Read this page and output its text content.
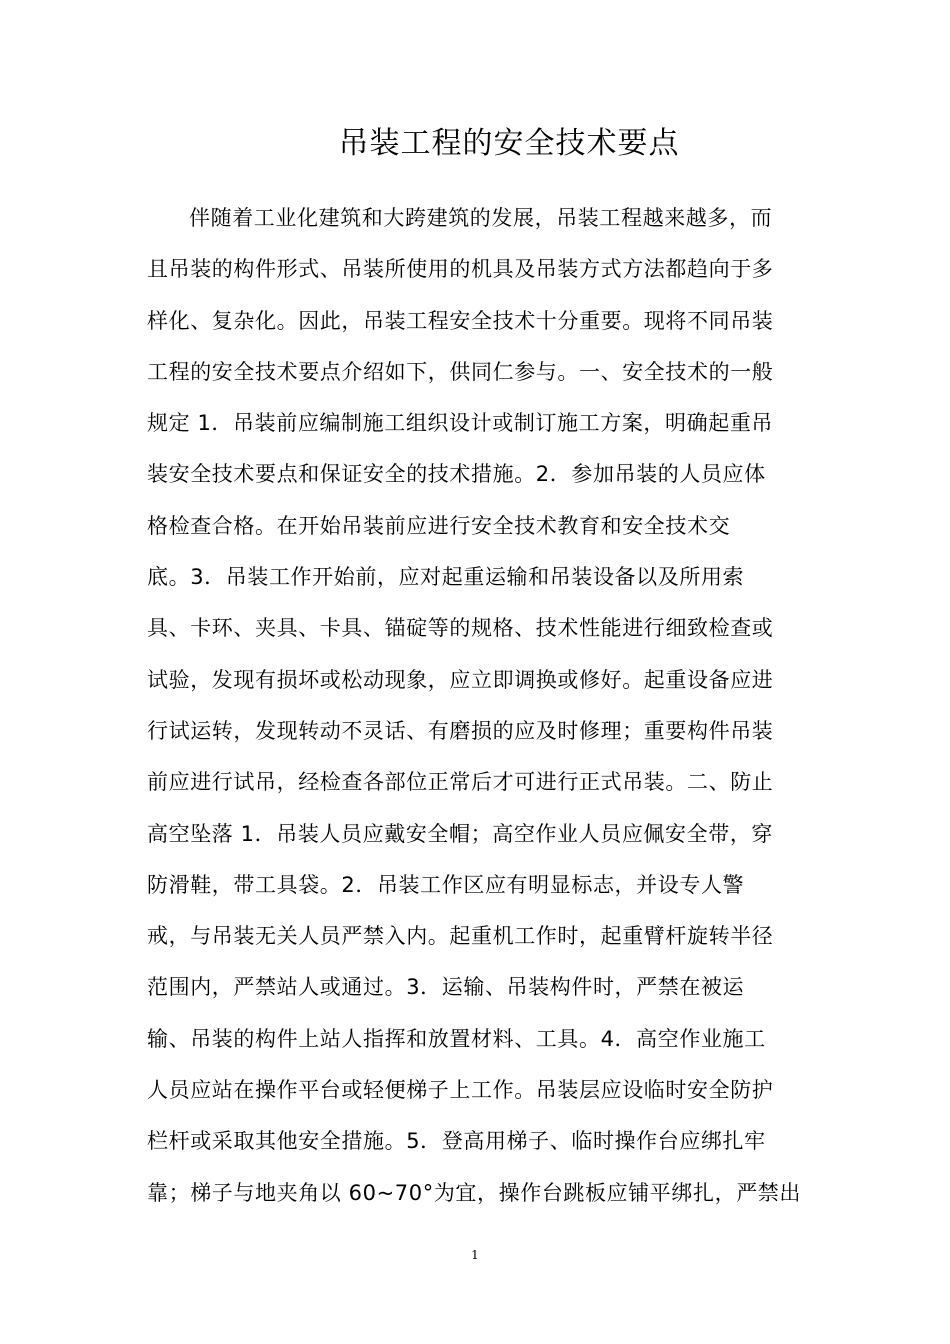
吊装工程的安全技术要点
伴随着工业化建筑和大跨建筑的发展，吊装工程越来越多，而
且吊装的构件形式、吊装所使用的机具及吊装方式方法都趋向于多
样化、复杂化。因此，吊装工程安全技术十分重要。现将不同吊装
工程的安全技术要点介绍如下，供同仁参与。一、安全技术的一般
规定 1．吊装前应编制施工组织设计或制订施工方案，明确起重吊
装安全技术要点和保证安全的技术措施。2．参加吊装的人员应体
格检查合格。在开始吊装前应进行安全技术教育和安全技术交
底。3．吊装工作开始前，应对起重运输和吊装设备以及所用索
具、卡环、夹具、卡具、锚碇等的规格、技术性能进行细致检查或
试验，发现有损坏或松动现象，应立即调换或修好。起重设备应进
行试运转，发现转动不灵话、有磨损的应及时修理；重要构件吊装
前应进行试吊，经检查各部位正常后才可进行正式吊装。二、防止
高空坠落 1．吊装人员应戴安全帽；高空作业人员应佩安全带，穿
防滑鞋，带工具袋。2．吊装工作区应有明显标志，并设专人警
戒，与吊装无关人员严禁入内。起重机工作时，起重臂杆旋转半径
范围内，严禁站人或通过。3．运输、吊装构件时，严禁在被运
输、吊装的构件上站人指挥和放置材料、工具。4．高空作业施工
人员应站在操作平台或轻便梯子上工作。吊装层应设临时安全防护
栏杆或采取其他安全措施。5．登高用梯子、临时操作台应绑扎牢
靠；梯子与地夹角以 60~70°为宜，操作台跳板应铺平绑扎，严禁出
1
